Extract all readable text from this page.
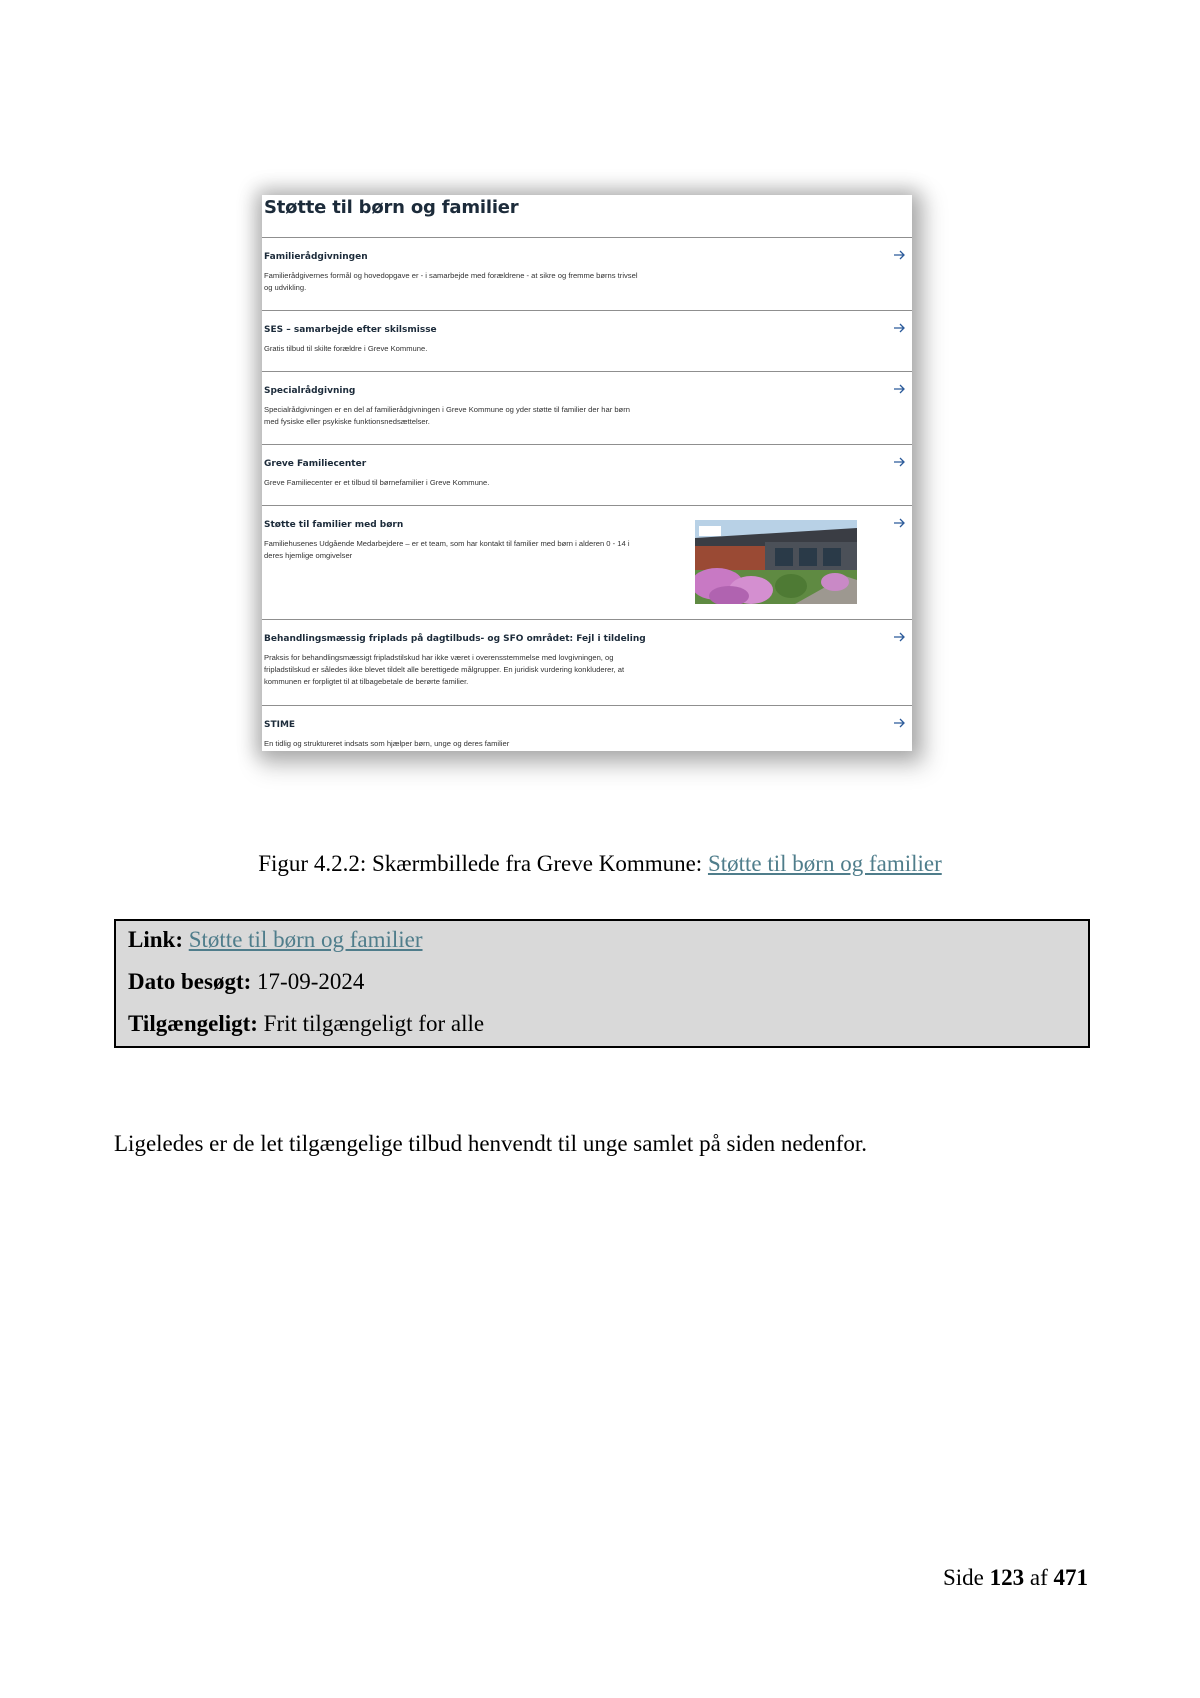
Støtte til børn og familier
Familierådgivningen
Familierådgivernes formål og hovedopgave er - i samarbejde med forældrene - at sikre og fremme børns trivsel og udvikling.
SES – samarbejde efter skilsmisse
Gratis tilbud til skilte forældre i Greve Kommune.
Specialrådgivning
Specialrådgivningen er en del af familierådgivningen i Greve Kommune og yder støtte til familier der har børn med fysiske eller psykiske funktionsnedsættelser.
Greve Familiecenter
Greve Familiecenter er et tilbud til børnefamilier i Greve Kommune.
Støtte til familier med børn
Familiehusenes Udgående Medarbejdere – er et team, som har kontakt til familier med børn i alderen 0 - 14 i deres hjemlige omgivelser
Behandlingsmæssig friplads på dagtilbuds- og SFO området: Fejl i tildeling
Praksis for behandlingsmæssigt fripladstilskud har ikke været i overensstemmelse med lovgivningen, og fripladstilskud er således ikke blevet tildelt alle berettigede målgrupper. En juridisk vurdering konkluderer, at kommunen er forpligtet til at tilbagebetale de berørte familier.
STIME
En tidlig og struktureret indsats som hjælper børn, unge og deres familier
Figur 4.2.2: Skærmbillede fra Greve Kommune: Støtte til børn og familier
Link: Støtte til børn og familier
Dato besøgt: 17-09-2024
Tilgængeligt: Frit tilgængeligt for alle
Ligeledes er de let tilgængelige tilbud henvendt til unge samlet på siden nedenfor.
Side 123 af 471
